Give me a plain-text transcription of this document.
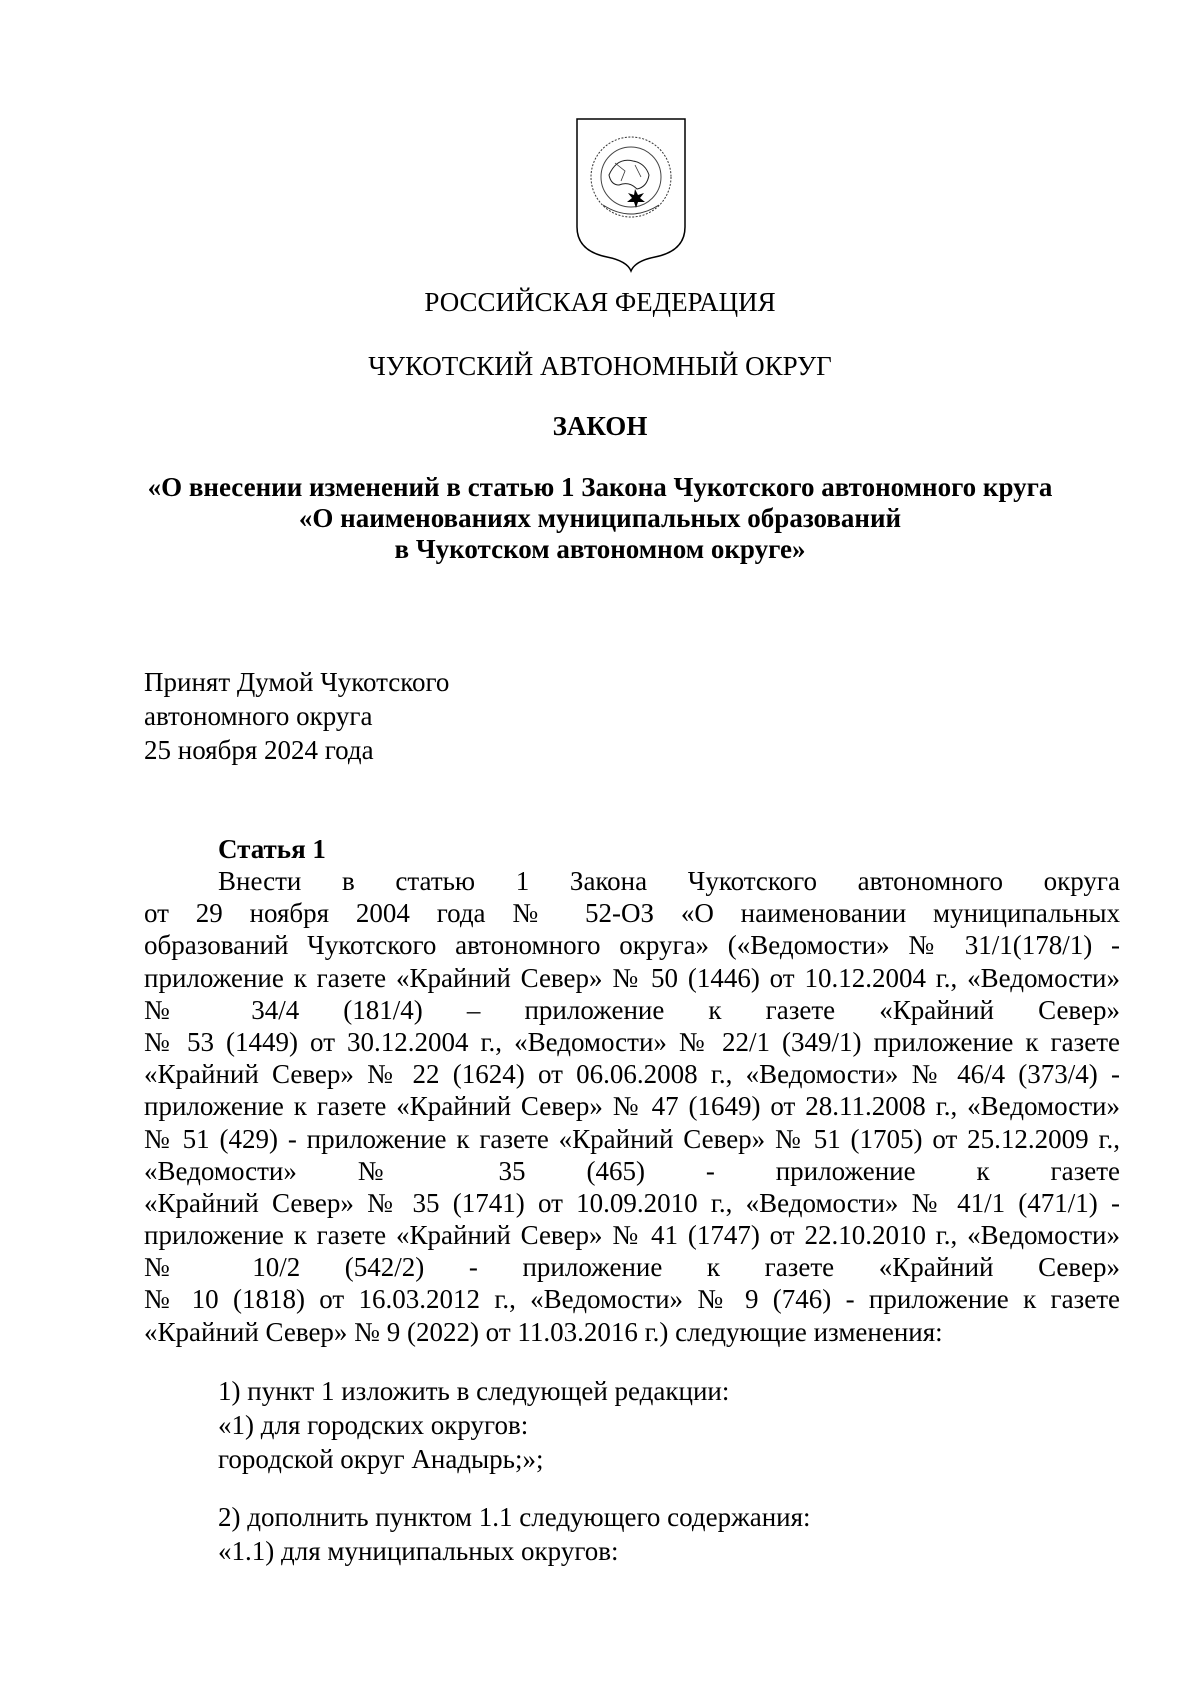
РОССИЙСКАЯ ФЕДЕРАЦИЯ
ЧУКОТСКИЙ АВТОНОМНЫЙ ОКРУГ
ЗАКОН
«О внесении изменений в статью 1 Закона Чукотского автономного круга
«О наименованиях муниципальных образований
в Чукотском автономном округе»
Принят Думой Чукотского
автономного округа
25 ноября 2024 года
Статья 1
Внести в статью 1 Закона Чукотского автономного округа
от 29 ноября 2004 года № 52-ОЗ «О наименовании муниципальных
образований Чукотского автономного округа» («Ведомости» № 31/1(178/1) -
приложение к газете «Крайний Север» № 50 (1446) от 10.12.2004 г., «Ведомости»
№ 34/4 (181/4) – приложение к газете «Крайний Север»
№ 53 (1449) от 30.12.2004 г., «Ведомости» № 22/1 (349/1) приложение к газете
«Крайний Север» № 22 (1624) от 06.06.2008 г., «Ведомости» № 46/4 (373/4) -
приложение к газете «Крайний Север» № 47 (1649) от 28.11.2008 г., «Ведомости»
№ 51 (429) - приложение к газете «Крайний Север» № 51 (1705) от 25.12.2009 г.,
«Ведомости» № 35 (465) - приложение к газете
«Крайний Север» № 35 (1741) от 10.09.2010 г., «Ведомости» № 41/1 (471/1) -
приложение к газете «Крайний Север» № 41 (1747) от 22.10.2010 г., «Ведомости»
№ 10/2 (542/2) - приложение к газете «Крайний Север»
№ 10 (1818) от 16.03.2012 г., «Ведомости» № 9 (746) - приложение к газете
«Крайний Север» № 9 (2022) от 11.03.2016 г.) следующие изменения:
1) пункт 1 изложить в следующей редакции:
«1) для городских округов:
городской округ Анадырь;»;
2) дополнить пунктом 1.1 следующего содержания:
«1.1) для муниципальных округов:
